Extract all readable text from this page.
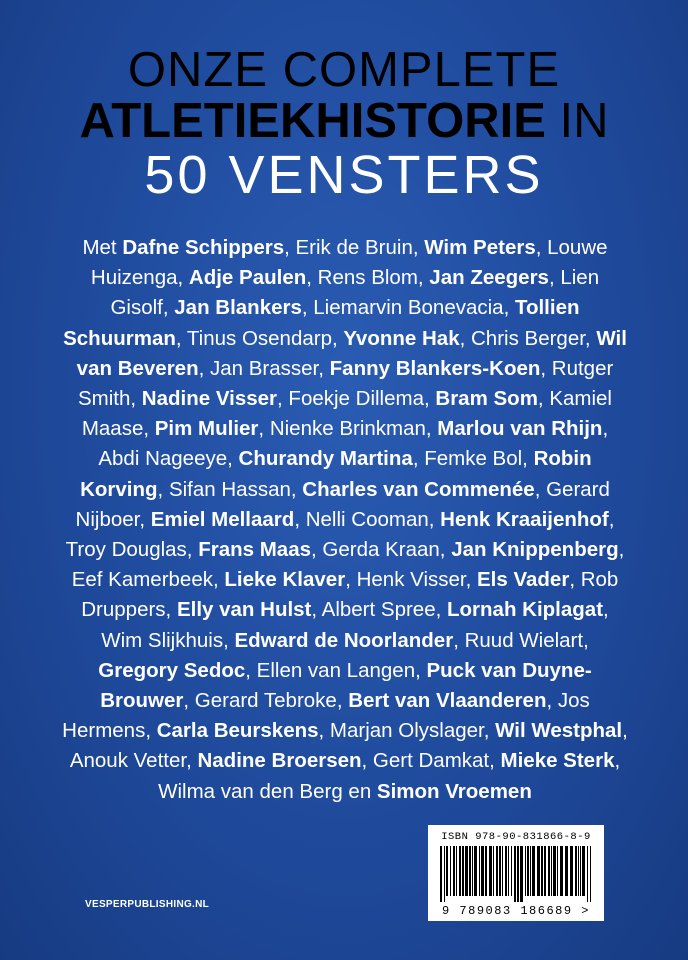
ONZE COMPLETE
ATLETIEKHISTORIE IN
50 VENSTERS
Met Dafne Schippers, Erik de Bruin, Wim Peters, Louwe Huizenga, Adje Paulen, Rens Blom, Jan Zeegers, Lien Gisolf, Jan Blankers, Liemarvin Bonevacia, Tollien Schuurman, Tinus Osendarp, Yvonne Hak, Chris Berger, Wil van Beveren, Jan Brasser, Fanny Blankers-Koen, Rutger Smith, Nadine Visser, Foekje Dillema, Bram Som, Kamiel Maase, Pim Mulier, Nienke Brinkman, Marlou van Rhijn, Abdi Nageeye, Churandy Martina, Femke Bol, Robin Korving, Sifan Hassan, Charles van Commenée, Gerard Nijboer, Emiel Mellaard, Nelli Cooman, Henk Kraaijenhof, Troy Douglas, Frans Maas, Gerda Kraan, Jan Knippenberg, Eef Kamerbeek, Lieke Klaver, Henk Visser, Els Vader, Rob Druppers, Elly van Hulst, Albert Spree, Lornah Kiplagat, Wim Slijkhuis, Edward de Noorlander, Ruud Wielart, Gregory Sedoc, Ellen van Langen, Puck van Duyne-Brouwer, Gerard Tebroke, Bert van Vlaanderen, Jos Hermens, Carla Beurskens, Marjan Olyslager, Wil Westphal, Anouk Vetter, Nadine Broersen, Gert Damkat, Mieke Sterk, Wilma van den Berg en Simon Vroemen
VESPERPUBLISHING.NL
ISBN 978-90-831866-8-9
9 789083 186689 >
